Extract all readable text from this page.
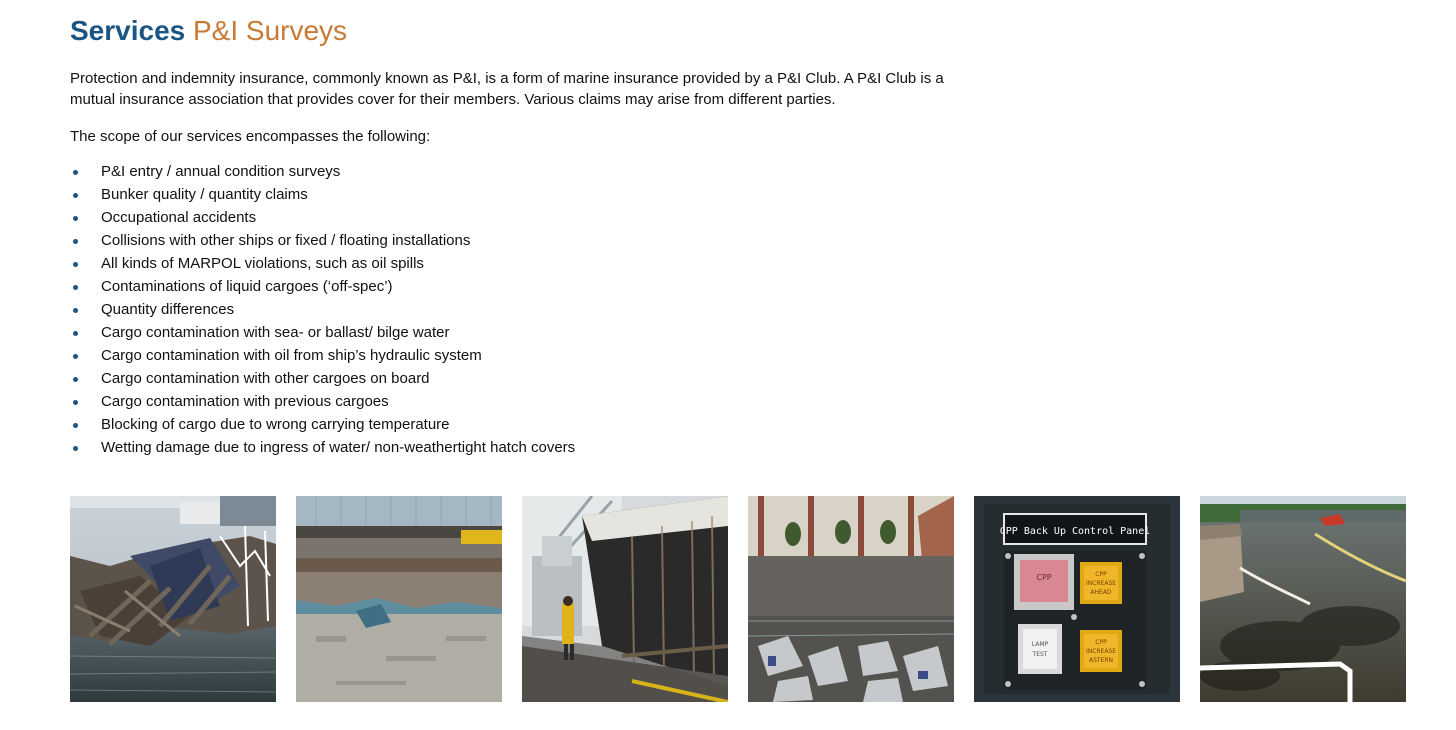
Services P&I Surveys

Protection and indemnity insurance, commonly known as P&I, is a form of marine insurance provided by a P&I Club. A P&I Club is a mutual insurance association that provides cover for their members. Various claims may arise from different parties.

The scope of our services encompasses the following:

P&I entry / annual condition surveys
Bunker quality / quantity claims
Occupational accidents
Collisions with other ships or fixed / floating installations
All kinds of MARPOL violations, such as oil spills
Contaminations of liquid cargoes (‘off-spec’)
Quantity differences
Cargo contamination with sea- or ballast/ bilge water
Cargo contamination with oil from ship’s hydraulic system
Cargo contamination with other cargoes on board
Cargo contamination with previous cargoes
Blocking of cargo due to wrong carrying temperature
Wetting damage due to ingress of water/ non-weathertight hatch covers
CPP Back Up Control Panel
CPP	CPP
INCREASE
AHEAD
LAMP
TEST
CPP
INCREASE
ASTERN
